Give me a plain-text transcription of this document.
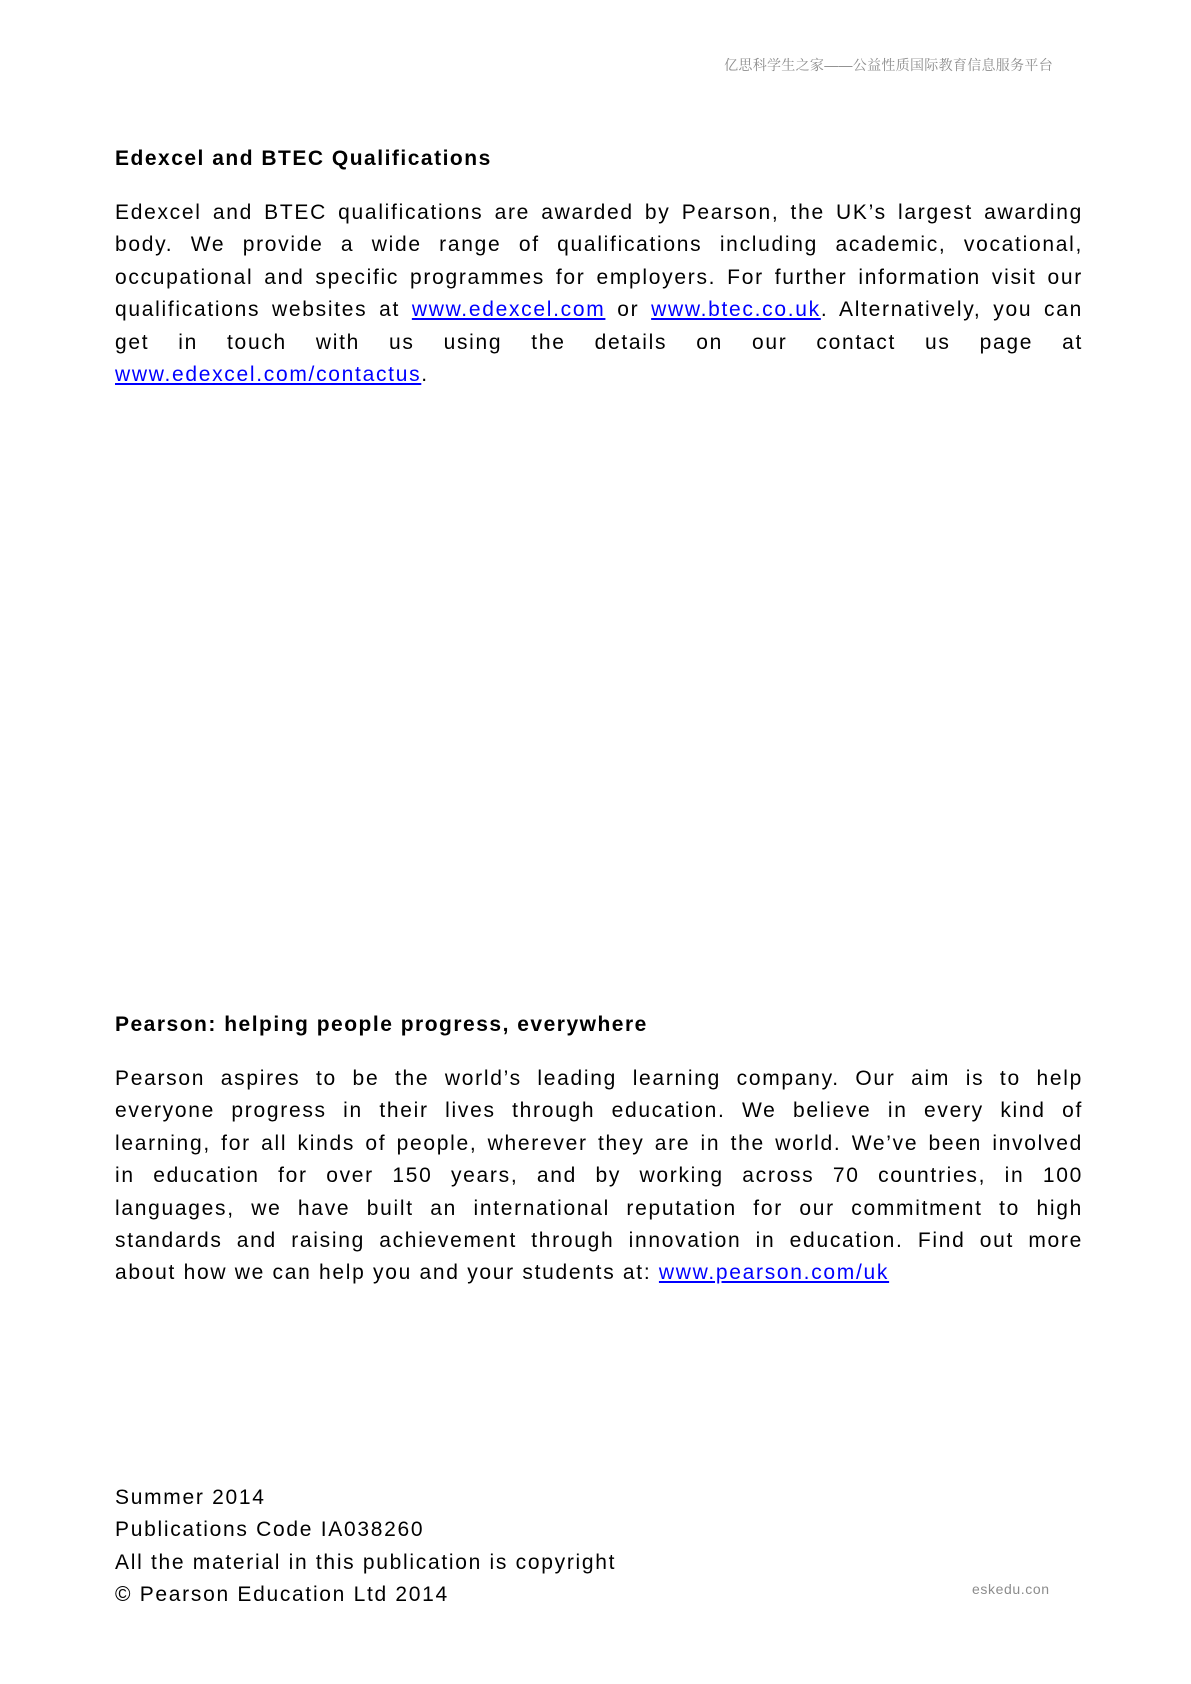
亿思科学生之家——公益性质国际教育信息服务平台
Edexcel and BTEC Qualifications
Edexcel and BTEC qualifications are awarded by Pearson, the UK’s largest awarding
body. We provide a wide range of qualifications including academic, vocational,
occupational and specific programmes for employers. For further information visit our
qualifications websites at www.edexcel.com or www.btec.co.uk. Alternatively, you can
get in touch with us using the details on our contact us page at
www.edexcel.com/contactus.
Pearson: helping people progress, everywhere
Pearson aspires to be the world’s leading learning company. Our aim is to help
everyone progress in their lives through education. We believe in every kind of
learning, for all kinds of people, wherever they are in the world. We’ve been involved
in education for over 150 years, and by working across 70 countries, in 100
languages, we have built an international reputation for our commitment to high
standards and raising achievement through innovation in education. Find out more
about how we can help you and your students at: www.pearson.com/uk
Summer 2014
Publications Code IA038260
All the material in this publication is copyright
© Pearson Education Ltd 2014	eskedu.con
